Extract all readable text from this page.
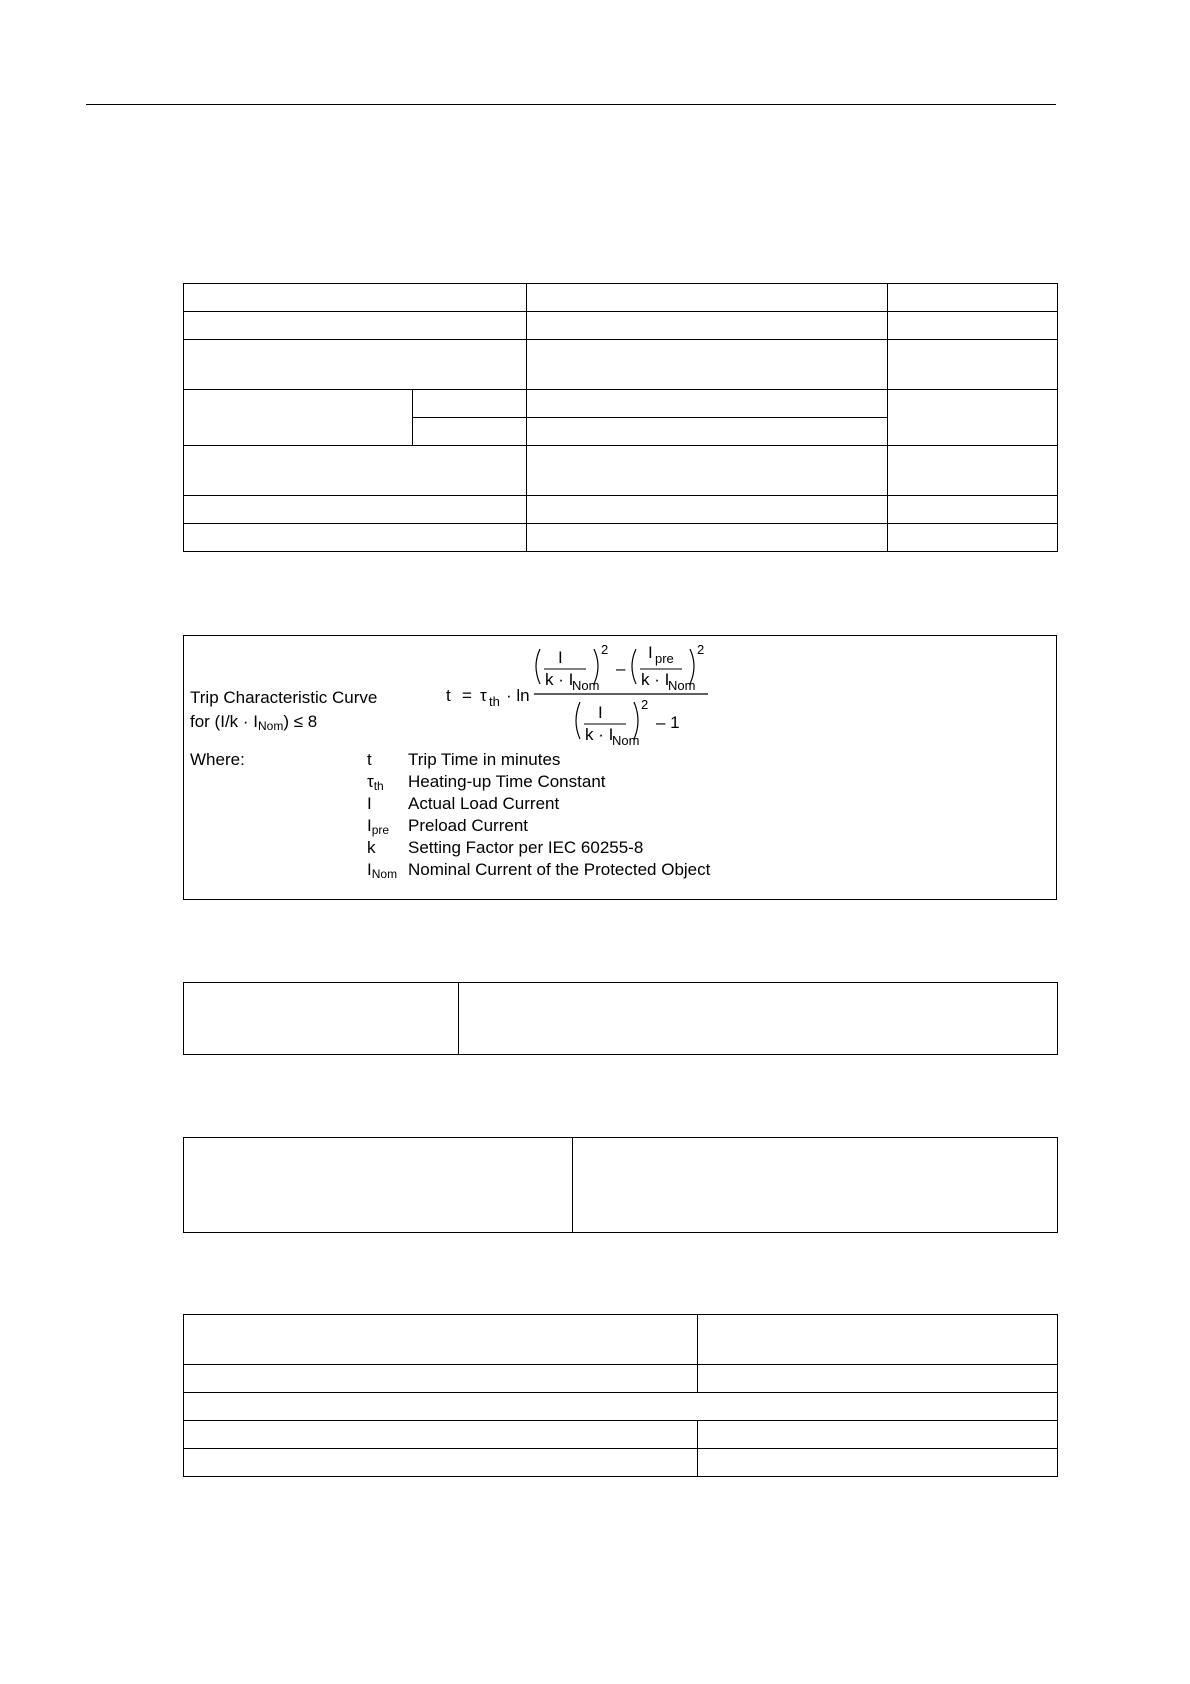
Trip Characteristic Curve
for $(I/k \cdot I_{Nom}) \le 8$
t = τ th · ln
I
k · I
Nom
2
–
I pre
k · I
Nom
2
I
k · I
Nom
2
– 1
Where:	t Trip Time in minutes
$\tau_{th}$ Heating-up Time Constant
I Actual Load Current
$I_{pre}$ Preload Current
k Setting Factor per IEC 60255-8
$I_{Nom}$ Nominal Current of the Protected Object
